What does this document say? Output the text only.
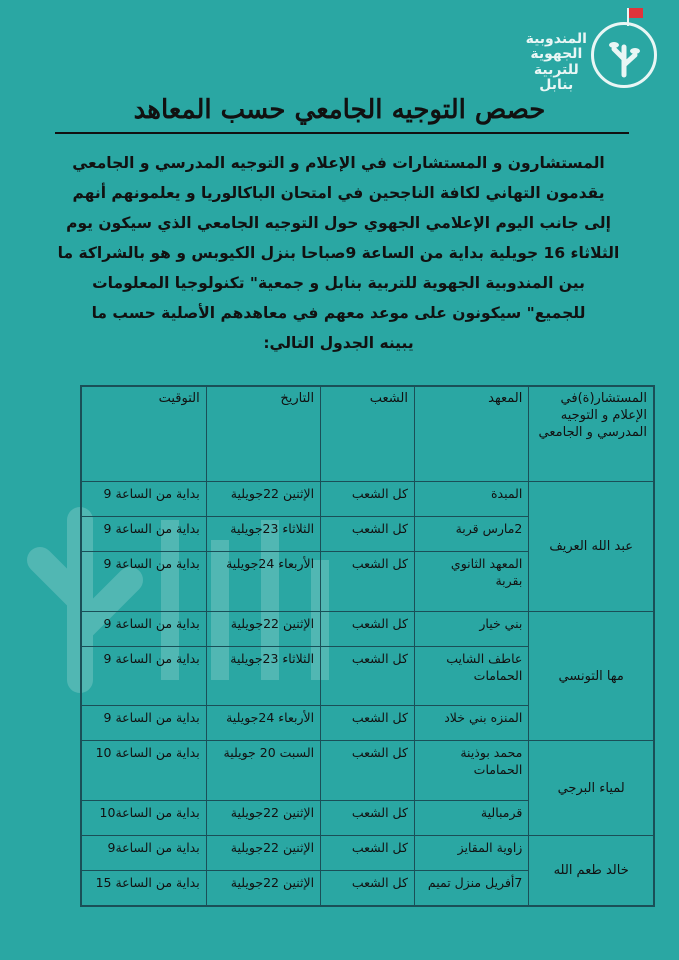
المندوبية
الجهوية
للتربية
بنابل
حصص التوجيه الجامعي حسب المعاهد
المستشارون و المستشارات في الإعلام و التوجيه المدرسي و الجامعي
يقدمون التهاني لكافة الناجحين في امتحان الباكالوريا و يعلمونهم أنهم
إلى جانب اليوم الإعلامي الجهوي حول التوجيه الجامعي الذي سيكون يوم
الثلاثاء 16 جويلية بداية من الساعة 9صباحا بنزل الكيوبس و هو بالشراكة ما
بين المندوبية الجهوية للتربية بنابل و جمعية" تكنولوجيا المعلومات
للجميع" سيكونون على موعد معهم في معاهدهم الأصلية حسب ما
يبينه الجدول التالي:
المستشار(ة)في الإعلام و التوجيه المدرسي و الجامعي	المعهد	الشعب	التاريخ	التوقيت
عبد الله العريف	المبدة	كل الشعب	الإثنين 22جويلية	بداية من الساعة 9
	2مارس قربة	كل الشعب	الثلاثاء 23جويلية	بداية من الساعة 9
	المعهد الثانوي بقربة	كل الشعب	الأربعاء 24جويلية	بداية من الساعة 9
مها التونسي	بني خيار	كل الشعب	الإثنين 22جويلية	بداية من الساعة 9
	عاطف الشايب الحمامات	كل الشعب	الثلاثاء 23جويلية	بداية من الساعة 9
	المنزه بني خلاد	كل الشعب	الأربعاء 24جويلية	بداية من الساعة 9
لمياء البرجي	محمد بوذينة الحمامات	كل الشعب	السبت 20 جويلية	بداية من الساعة 10
	قرمبالية	كل الشعب	الإثنين 22جويلية	بداية من الساعة10
خالد طعم الله	زاوية المقايز	كل الشعب	الإثنين 22جويلية	بداية من الساعة9
	7أفريل منزل تميم	كل الشعب	الإثنين 22جويلية	بداية من الساعة 15
